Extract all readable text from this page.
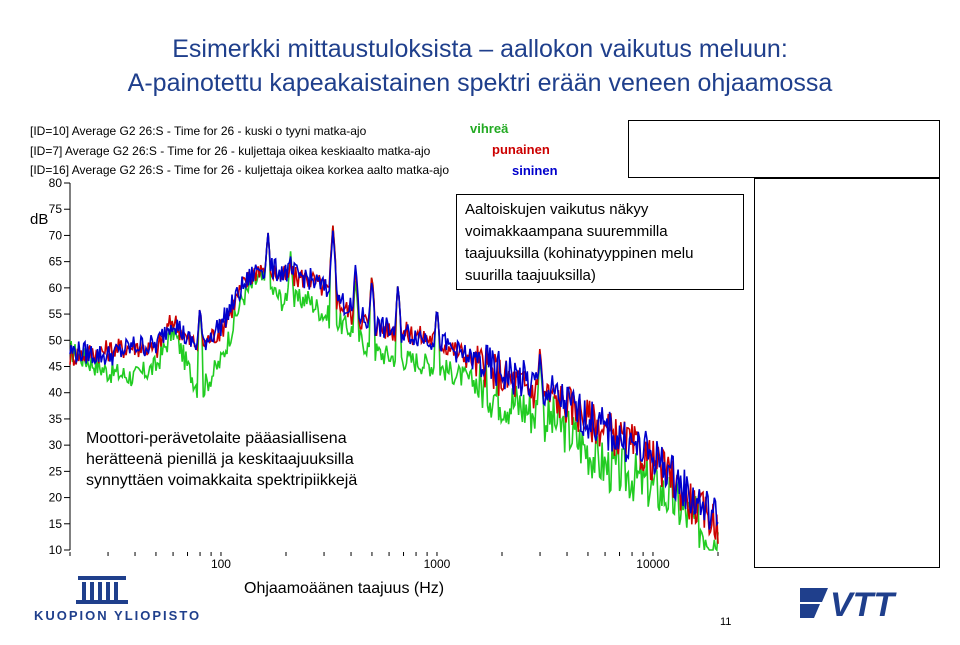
Esimerkki mittaustuloksista – aallokon vaikutus meluun:
A-painotettu kapeakaistainen spektri erään veneen ohjaamossa
[ID=10] Average G2 26:S - Time for 26 - kuski o tyyni matka-ajo
[ID=7] Average G2 26:S - Time for 26 - kuljettaja oikea keskiaalto matka-ajo
[ID=16] Average G2 26:S - Time for 26 - kuljettaja oikea korkea aalto matka-ajo
vihreä
punainen
sininen
80
75
70
65
60
55
50
45
40
35
30
25
20
15
10
100	1000	10000
dB
Ohjaamoäänen taajuus (Hz)
Aaltoiskujen vaikutus näkyy voimakkaampana suuremmilla taajuuksilla (kohinatyyppinen melu suurilla taajuuksilla)
Moottori-perävetolaite pääasiallisena herätteenä pienillä ja keskitaajuuksilla synnyttäen voimakkaita spektripiikkejä
KUOPION YLIOPISTO	VTT
11
